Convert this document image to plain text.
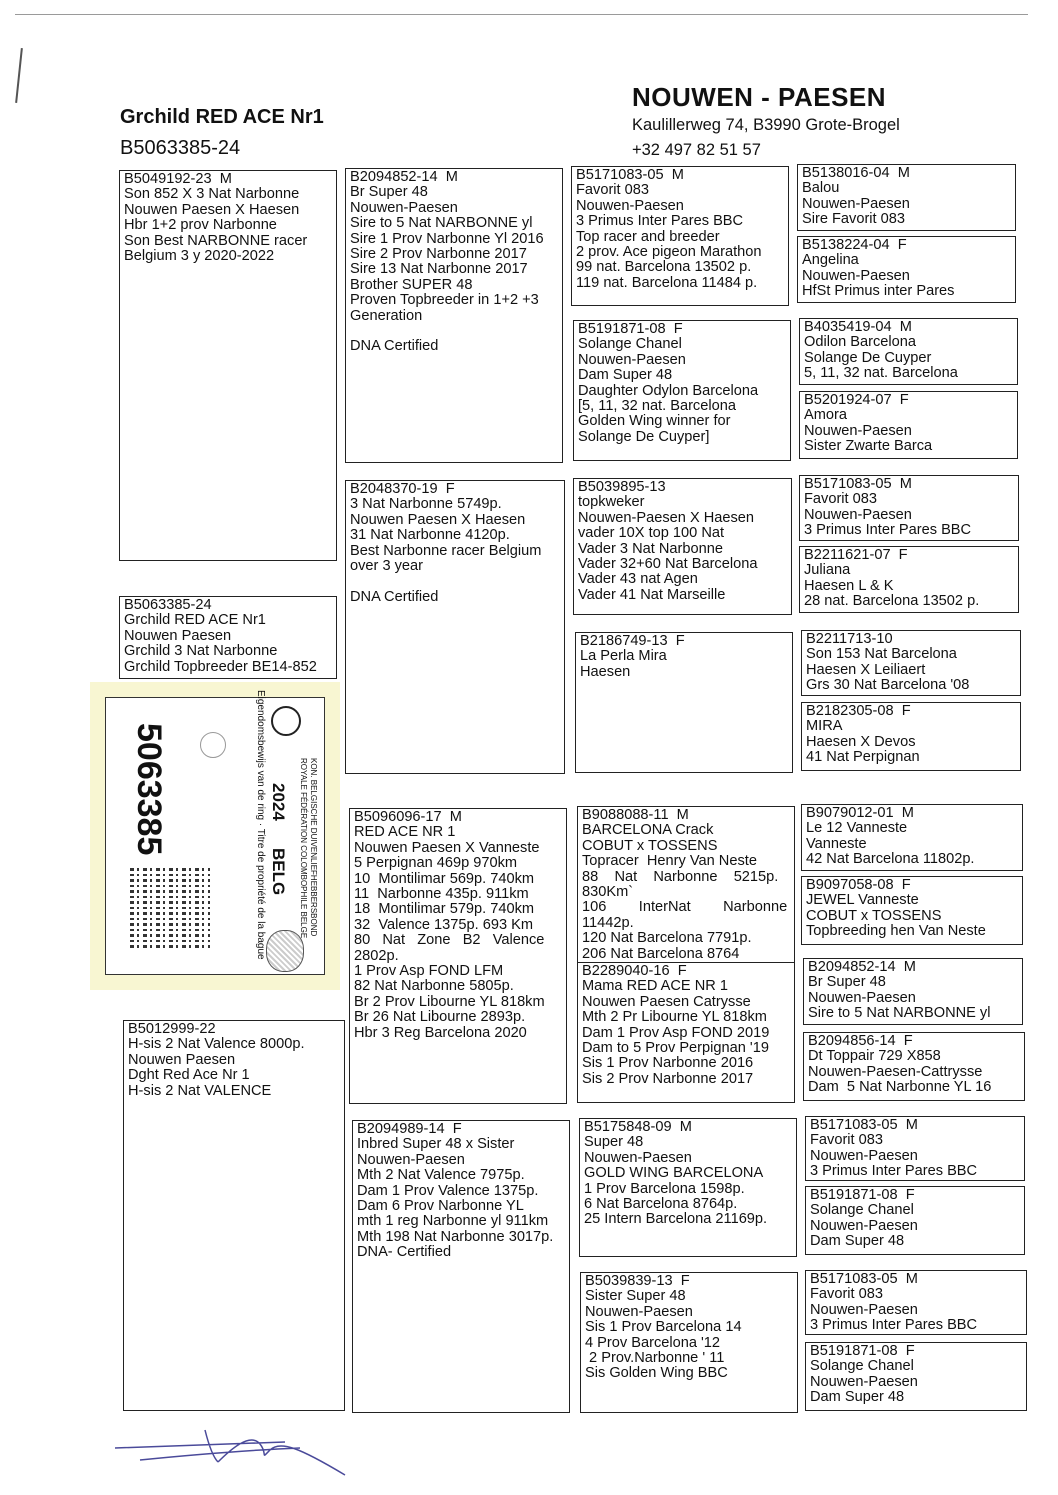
Grchild RED ACE Nr1
B5063385-24
NOUWEN - PAESEN
Kaulillerweg 74, B3990 Grote-Brogel
+32 497 82 51 57
B5049192-23  M
Son 852 X 3 Nat Narbonne
Nouwen Paesen X Haesen
Hbr 1+2 prov Narbonne
Son Best NARBONNE racer
Belgium 3 y 2020-2022
B5063385-24
Grchild RED ACE Nr1
Nouwen Paesen
Grchild 3 Nat Narbonne
Grchild Topbreeder BE14-852
B5012999-22
H-sis 2 Nat Valence 8000p.
Nouwen Paesen
Dght Red Ace Nr 1
H-sis 2 Nat VALENCE
B2094852-14  M
Br Super 48
Nouwen-Paesen
Sire to 5 Nat NARBONNE yl
Sire 1 Prov Narbonne Yl 2016
Sire 2 Prov Narbonne 2017
Sire 13 Nat Narbonne 2017
Brother SUPER 48
Proven Topbreeder in 1+2 +3
Generation

DNA Certified
B2048370-19  F
3 Nat Narbonne 5749p.
Nouwen Paesen X Haesen
31 Nat Narbonne 4120p.
Best Narbonne racer Belgium
over 3 year

DNA Certified
B5096096-17  M
RED ACE NR 1
Nouwen Paesen X Vanneste
5 Perpignan 469p 970km
10  Montilimar 569p. 740km
11  Narbonne 435p. 911km
18  Montilimar 579p. 740km
32  Valence 1375p. 693 Km
80   Nat   Zone   B2   Valence
2802p.
1 Prov Asp FOND LFM
82 Nat Narbonne 5805p.
Br 2 Prov Libourne YL 818km
Br 26 Nat Libourne 2893p.
Hbr 3 Reg Barcelona 2020
B2094989-14  F
Inbred Super 48 x Sister
Nouwen-Paesen
Mth 2 Nat Valence 7975p.
Dam 1 Prov Valence 1375p.
Dam 6 Prov Narbonne YL
mth 1 reg Narbonne yl 911km
Mth 198 Nat Narbonne 3017p.
DNA- Certified
B5171083-05  M
Favorit 083
Nouwen-Paesen
3 Primus Inter Pares BBC
Top racer and breeder
2 prov. Ace pigeon Marathon
99 nat. Barcelona 13502 p.
119 nat. Barcelona 11484 p.
B5191871-08  F
Solange Chanel
Nouwen-Paesen
Dam Super 48
Daughter Odylon Barcelona
[5, 11, 32 nat. Barcelona
Golden Wing winner for
Solange De Cuyper]
B5039895-13
topkweker
Nouwen-Paesen X Haesen
vader 10X top 100 Nat
Vader 3 Nat Narbonne
Vader 32+60 Nat Barcelona
Vader 43 nat Agen
Vader 41 Nat Marseille
B2186749-13  F
La Perla Mira
Haesen
B9088088-11  M
BARCELONA Crack
COBUT x TOSSENS
Topracer  Henry Van Neste
88    Nat    Narbonne    5215p.
830Km`
106        InterNat        Narbonne
11442p.
120 Nat Barcelona 7791p.
206 Nat Barcelona 8764
B2289040-16  F
Mama RED ACE NR 1
Nouwen Paesen Catrysse
Mth 2 Pr Libourne YL 818km
Dam 1 Prov Asp FOND 2019
Dam to 5 Prov Perpignan '19
Sis 1 Prov Narbonne 2016
Sis 2 Prov Narbonne 2017
B5175848-09  M
Super 48
Nouwen-Paesen
GOLD WING BARCELONA
1 Prov Barcelona 1598p.
6 Nat Barcelona 8764p.
25 Intern Barcelona 21169p.
B5039839-13  F
Sister Super 48
Nouwen-Paesen
Sis 1 Prov Barcelona 14
4 Prov Barcelona '12
2 Prov.Narbonne ' 11
Sis Golden Wing BBC
B5138016-04  M
Balou
Nouwen-Paesen
Sire Favorit 083
B5138224-04  F
Angelina
Nouwen-Paesen
HfSt Primus inter Pares
B4035419-04  M
Odilon Barcelona
Solange De Cuyper
5, 11, 32 nat. Barcelona
B5201924-07  F
Amora
Nouwen-Paesen
Sister Zwarte Barca
B5171083-05  M
Favorit 083
Nouwen-Paesen
3 Primus Inter Pares BBC
B2211621-07  F
Juliana
Haesen L & K
28 nat. Barcelona 13502 p.
B2211713-10
Son 153 Nat Barcelona
Haesen X Leiliaert
Grs 30 Nat Barcelona '08
B2182305-08  F
MIRA
Haesen X Devos
41 Nat Perpignan
B9079012-01  M
Le 12 Vanneste
Vanneste
42 Nat Barcelona 11802p.
B9097058-08  F
JEWEL Vanneste
COBUT x TOSSENS
Topbreeding hen Van Neste
B2094852-14  M
Br Super 48
Nouwen-Paesen
Sire to 5 Nat NARBONNE yl
B2094856-14  F
Dt Toppair 729 X858
Nouwen-Paesen-Cattrysse
Dam  5 Nat Narbonne YL 16
B5171083-05  M
Favorit 083
Nouwen-Paesen
3 Primus Inter Pares BBC
B5191871-08  F
Solange Chanel
Nouwen-Paesen
Dam Super 48
B5171083-05  M
Favorit 083
Nouwen-Paesen
3 Primus Inter Pares BBC
B5191871-08  F
Solange Chanel
Nouwen-Paesen
Dam Super 48
5063385	Eigendomsbewijs van de ring · Titre de propriété de la bague 2024
BELG ROYALE FÉDÉRATION COLOMBOPHILE BELGE KON. BELGISCHE DUIVENLIEFHEBBERSBOND
